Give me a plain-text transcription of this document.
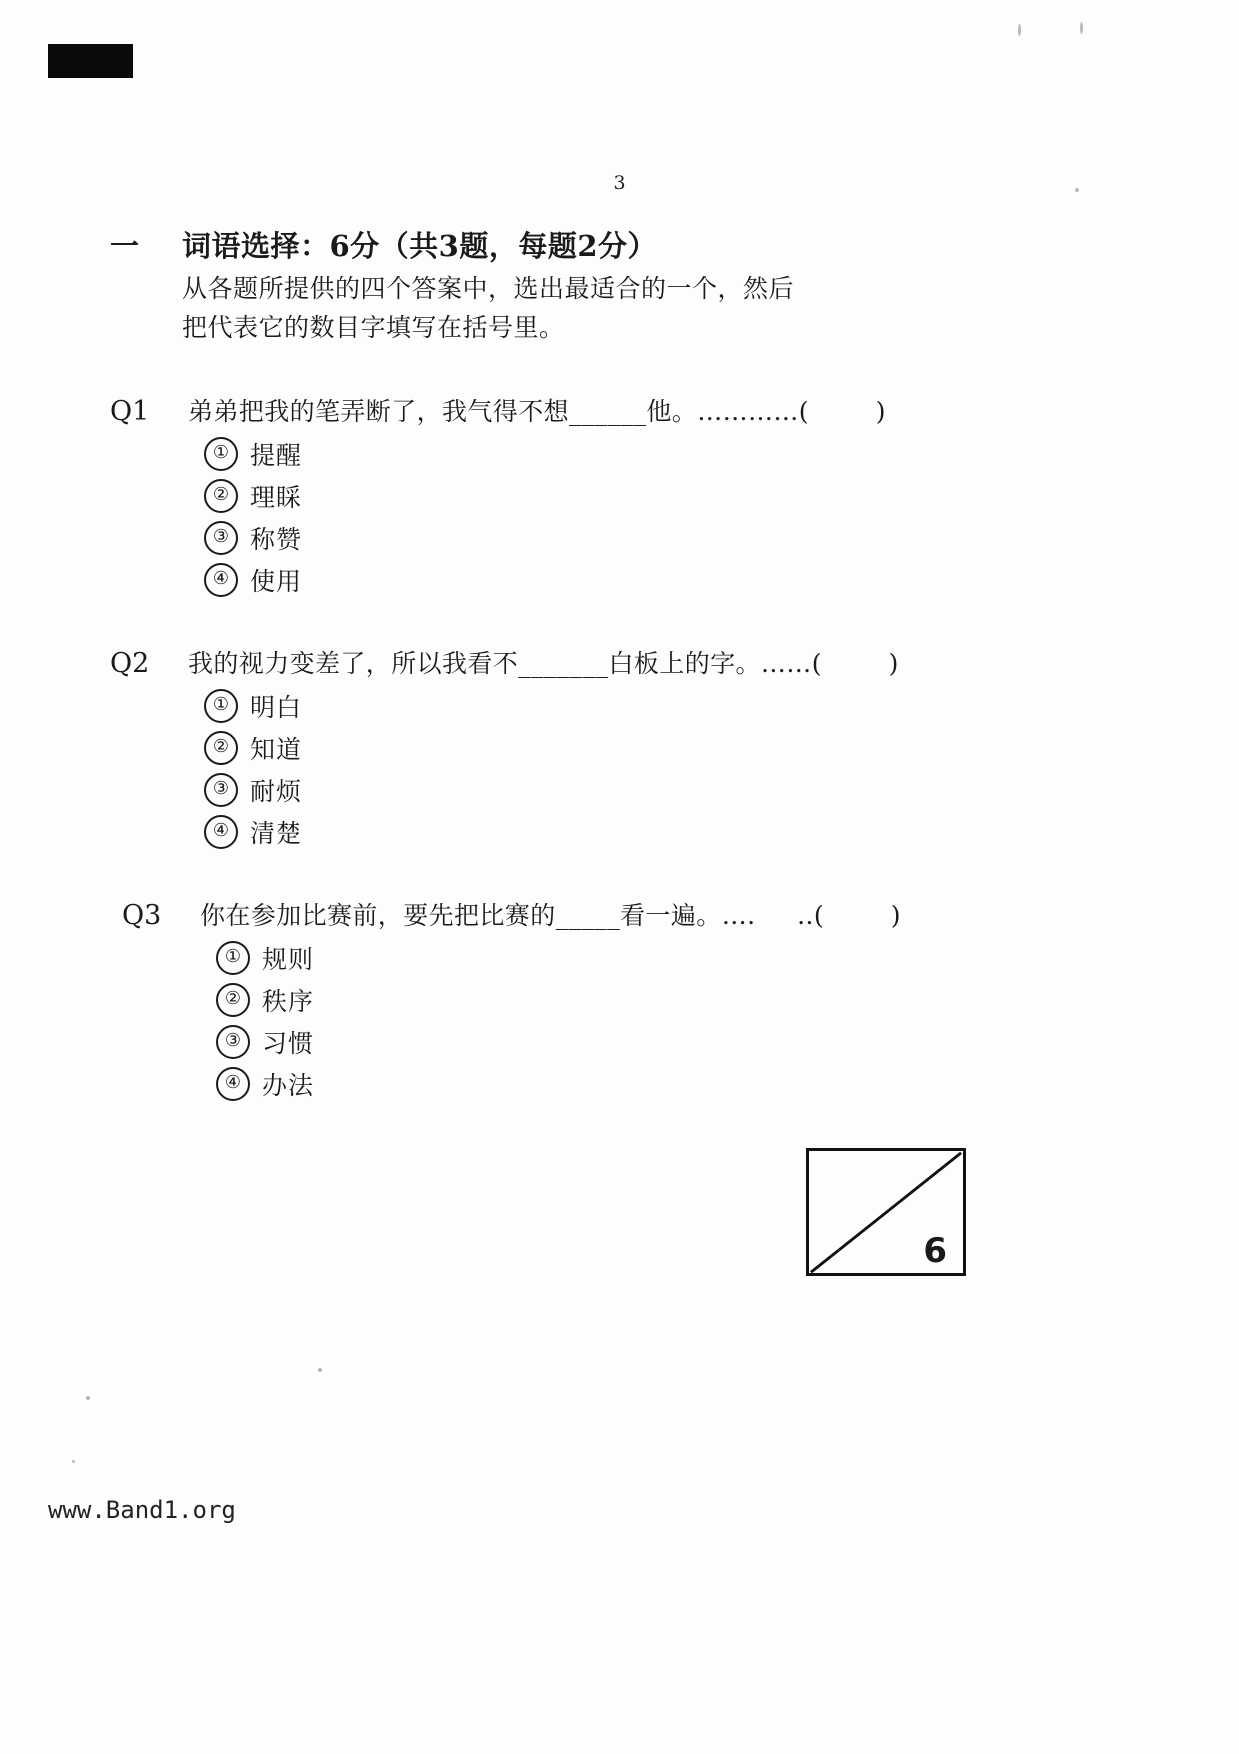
3
一	词语选择：6分（共3题，每题2分）
从各题所提供的四个答案中，选出最适合的一个，然后
把代表它的数目字填写在括号里。
Q1	弟弟把我的笔弄断了，我气得不想______他。…………(        )
① 提醒
② 理睬
③ 称赞
④ 使用
Q2	我的视力变差了，所以我看不_______白板上的字。……(        )
① 明白
② 知道
③ 耐烦
④ 清楚
Q3	你在参加比赛前，要先把比赛的_____看一遍。….     ..(        )
① 规则
② 秩序
③ 习惯
④ 办法
6
www.Band1.org
